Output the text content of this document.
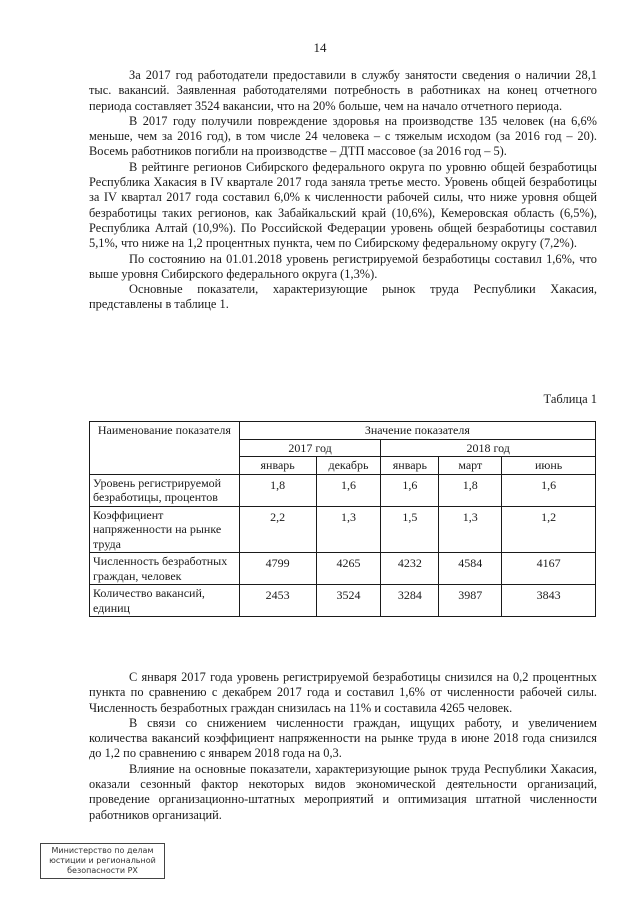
14

За 2017 год работодатели предоставили в службу занятости сведения о наличии 28,1 тыс. вакансий. Заявленная работодателями потребность в работниках на конец отчетного периода составляет 3524 вакансии, что на 20% больше, чем на начало отчетного периода.

В 2017 году получили повреждение здоровья на производстве 135 человек (на 6,6% меньше, чем за 2016 год), в том числе 24 человека – с тяжелым исходом (за 2016 год – 20). Восемь работников погибли на производстве – ДТП массовое (за 2016 год – 5).

В рейтинге регионов Сибирского федерального округа по уровню общей безработицы Республика Хакасия в IV квартале 2017 года заняла третье место. Уровень общей безработицы за IV квартал 2017 года составил 6,0% к численности рабочей силы, что ниже уровня общей безработицы таких регионов, как Забайкальский край (10,6%), Кемеровская область (6,5%), Республика Алтай (10,9%). По Российской Федерации уровень общей безработицы составил 5,1%, что ниже на 1,2 процентных пункта, чем по Сибирскому федеральному округу (7,2%).

По состоянию на 01.01.2018 уровень регистрируемой безработицы составил 1,6%, что выше уровня Сибирского федерального округа (1,3%).

Основные показатели, характеризующие рынок труда Республики Хакасия, представлены в таблице 1.

Таблица 1
Наименование показателя	Значение показателя				
	2017 год		2018 год		
	январь	декабрь	январь	март	июнь
Уровень регистрируемой безработицы, процентов	1,8	1,6	1,6	1,8	1,6
Коэффициент напряженности на рынке труда	2,2	1,3	1,5	1,3	1,2
Численность безработных граждан, человек	4799	4265	4232	4584	4167
Количество вакансий, единиц	2453	3524	3284	3987	3843

С января 2017 года уровень регистрируемой безработицы снизился на 0,2 процентных пункта по сравнению с декабрем 2017 года и составил 1,6% от численности рабочей силы. Численность безработных граждан снизилась на 11% и составила 4265 человек.

В связи со снижением численности граждан, ищущих работу, и увеличением количества вакансий коэффициент напряженности на рынке труда в июне 2018 года снизился до 1,2 по сравнению с январем 2018 года на 0,3.

Влияние на основные показатели, характеризующие рынок труда Республики Хакасия, оказали сезонный фактор некоторых видов экономической деятельности организаций, проведение организационно-штатных мероприятий и оптимизация штатной численности работников организаций.

Министерство по делам
юстиции и региональной
безопасности РХ
